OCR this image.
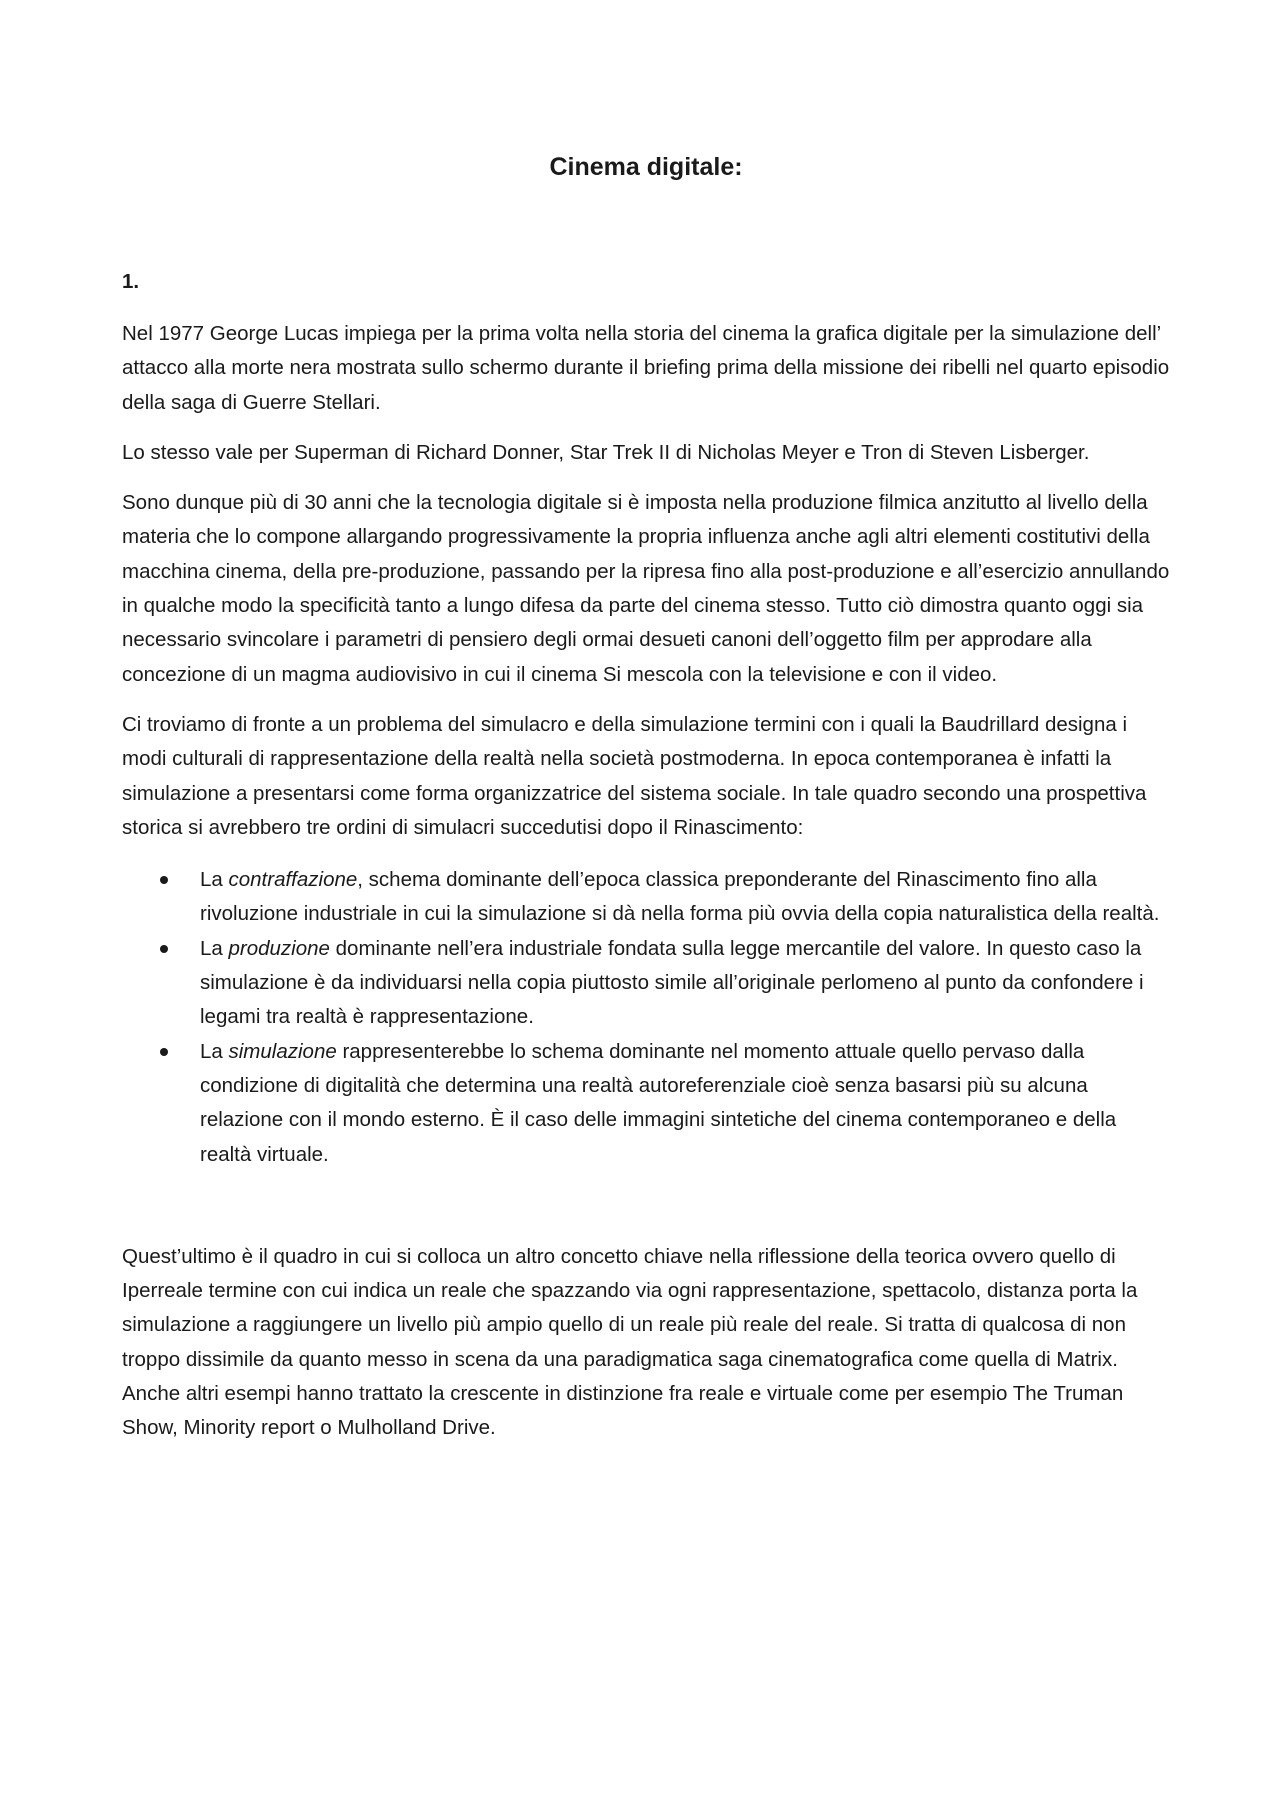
Cinema digitale:
1.

Nel 1977 George Lucas impiega per la prima volta nella storia del cinema la grafica digitale per la simulazione dell’ attacco alla morte nera mostrata sullo schermo durante il briefing prima della missione dei ribelli nel quarto episodio della saga di Guerre Stellari.

Lo stesso vale per Superman di Richard Donner, Star Trek II di Nicholas Meyer e Tron di Steven Lisberger.

Sono dunque più di 30 anni che la tecnologia digitale si è imposta nella produzione filmica anzitutto al livello della materia che lo compone allargando progressivamente la propria influenza anche agli altri elementi costitutivi della macchina cinema, della pre-produzione, passando per la ripresa fino alla post-produzione e all’esercizio annullando in qualche modo la specificità tanto a lungo difesa da parte del cinema stesso. Tutto ciò dimostra quanto oggi sia necessario svincolare i parametri di pensiero degli ormai desueti canoni dell’oggetto film per approdare alla concezione di un magma audiovisivo in cui il cinema Si mescola con la televisione e con il video.

Ci troviamo di fronte a un problema del simulacro e della simulazione termini con i quali la Baudrillard designa i modi culturali di rappresentazione della realtà nella società postmoderna. In epoca contemporanea è infatti la simulazione a presentarsi come forma organizzatrice del sistema sociale. In tale quadro secondo una prospettiva storica si avrebbero tre ordini di simulacri succedutisi dopo il Rinascimento:

La contraffazione, schema dominante dell’epoca classica preponderante del Rinascimento fino alla rivoluzione industriale in cui la simulazione si dà nella forma più ovvia della copia naturalistica della realtà.
La produzione dominante nell’era industriale fondata sulla legge mercantile del valore. In questo caso la simulazione è da individuarsi nella copia piuttosto simile all’originale perlomeno al punto da confondere i legami tra realtà è rappresentazione.
La simulazione rappresenterebbe lo schema dominante nel momento attuale quello pervaso dalla condizione di digitalità che determina una realtà autoreferenziale cioè senza basarsi più su alcuna relazione con il mondo esterno. È il caso delle immagini sintetiche del cinema contemporaneo e della realtà virtuale.

Quest’ultimo è il quadro in cui si colloca un altro concetto chiave nella riflessione della teorica ovvero quello di Iperreale termine con cui indica un reale che spazzando via ogni rappresentazione, spettacolo, distanza porta la simulazione a raggiungere un livello più ampio quello di un reale più reale del reale. Si tratta di qualcosa di non troppo dissimile da quanto messo in scena da una paradigmatica saga cinematografica come quella di Matrix. Anche altri esempi hanno trattato la crescente in distinzione fra reale e virtuale come per esempio The Truman Show, Minority report o Mulholland Drive.
